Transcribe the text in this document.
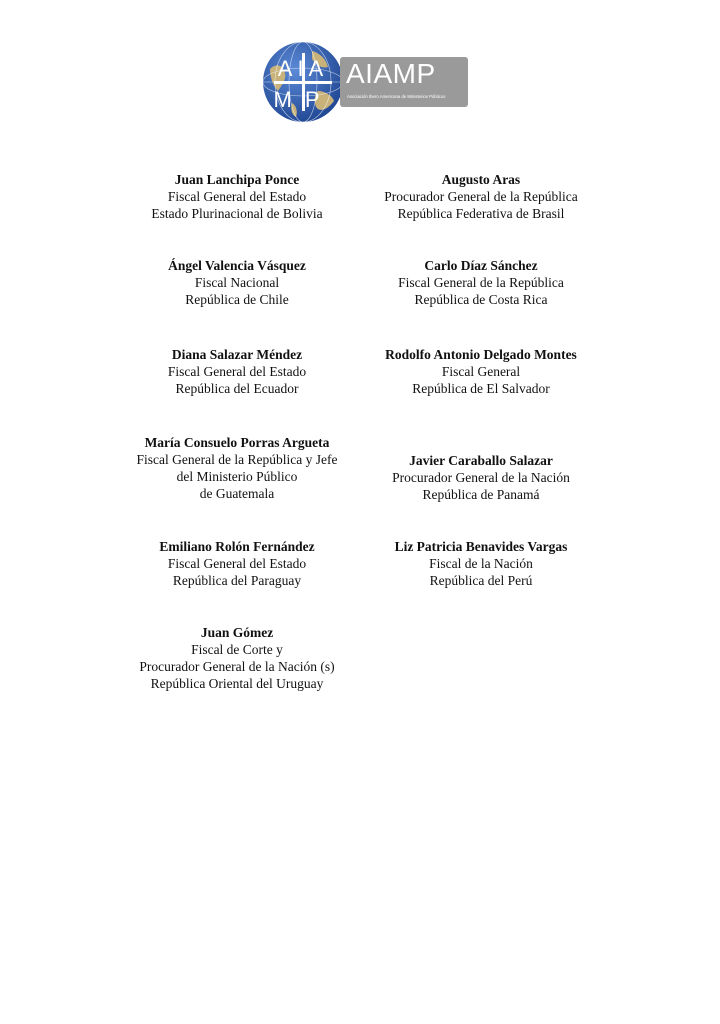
AIA
MP
AIAMP
Asociación Ibero Americana de Ministerios Públicos
Juan Lanchipa Ponce
Fiscal General del Estado
Estado Plurinacional de Bolivia
Augusto Aras
Procurador General de la República
República Federativa de Brasil
Ángel Valencia Vásquez
Fiscal Nacional
República de Chile
Carlo Díaz Sánchez
Fiscal General de la República
República de Costa Rica
Diana Salazar Méndez
Fiscal General del Estado
República del Ecuador
Rodolfo Antonio Delgado Montes
Fiscal General
República de El Salvador
María Consuelo Porras Argueta
Fiscal General de la República y Jefe
del Ministerio Público
de Guatemala
Javier Caraballo Salazar
Procurador General de la Nación
República de Panamá
Emiliano Rolón Fernández
Fiscal General del Estado
República del Paraguay
Liz Patricia Benavides Vargas
Fiscal de la Nación
República del Perú
Juan Gómez
Fiscal de Corte y
Procurador General de la Nación (s)
República Oriental del Uruguay
